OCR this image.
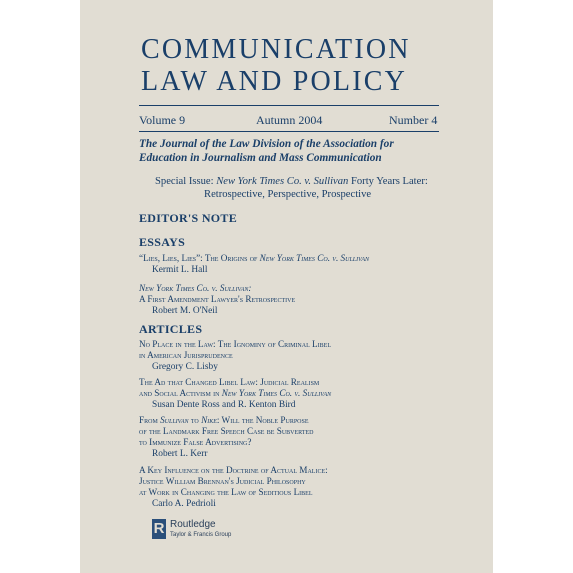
COMMUNICATION
LAW AND POLICY
Volume 9	Autumn 2004	Number 4
The Journal of the Law Division of the Association for
Education in Journalism and Mass Communication
Special Issue: New York Times Co. v. Sullivan Forty Years Later:
Retrospective, Perspective, Prospective
EDITOR'S NOTE
ESSAYS
“Lies, Lies, Lies”: The Origins of New York Times Co. v. Sullivan
Kermit L. Hall
New York Times Co. v. Sullivan:
A First Amendment Lawyer's Retrospective
Robert M. O'Neil
ARTICLES
No Place in the Law: The Ignominy of Criminal Libel
in American Jurisprudence
Gregory C. Lisby
The Ad that Changed Libel Law: Judicial Realism
and Social Activism in New York Times Co. v. Sullivan
Susan Dente Ross and R. Kenton Bird
From Sullivan to Nike: Will the Noble Purpose
of the Landmark Free Speech Case be Subverted
to Immunize False Advertising?
Robert L. Kerr
A Key Influence on the Doctrine of Actual Malice:
Justice William Brennan's Judicial Philosophy
at Work in Changing the Law of Seditious Libel
Carlo A. Pedrioli
R Routledge
Taylor & Francis Group
